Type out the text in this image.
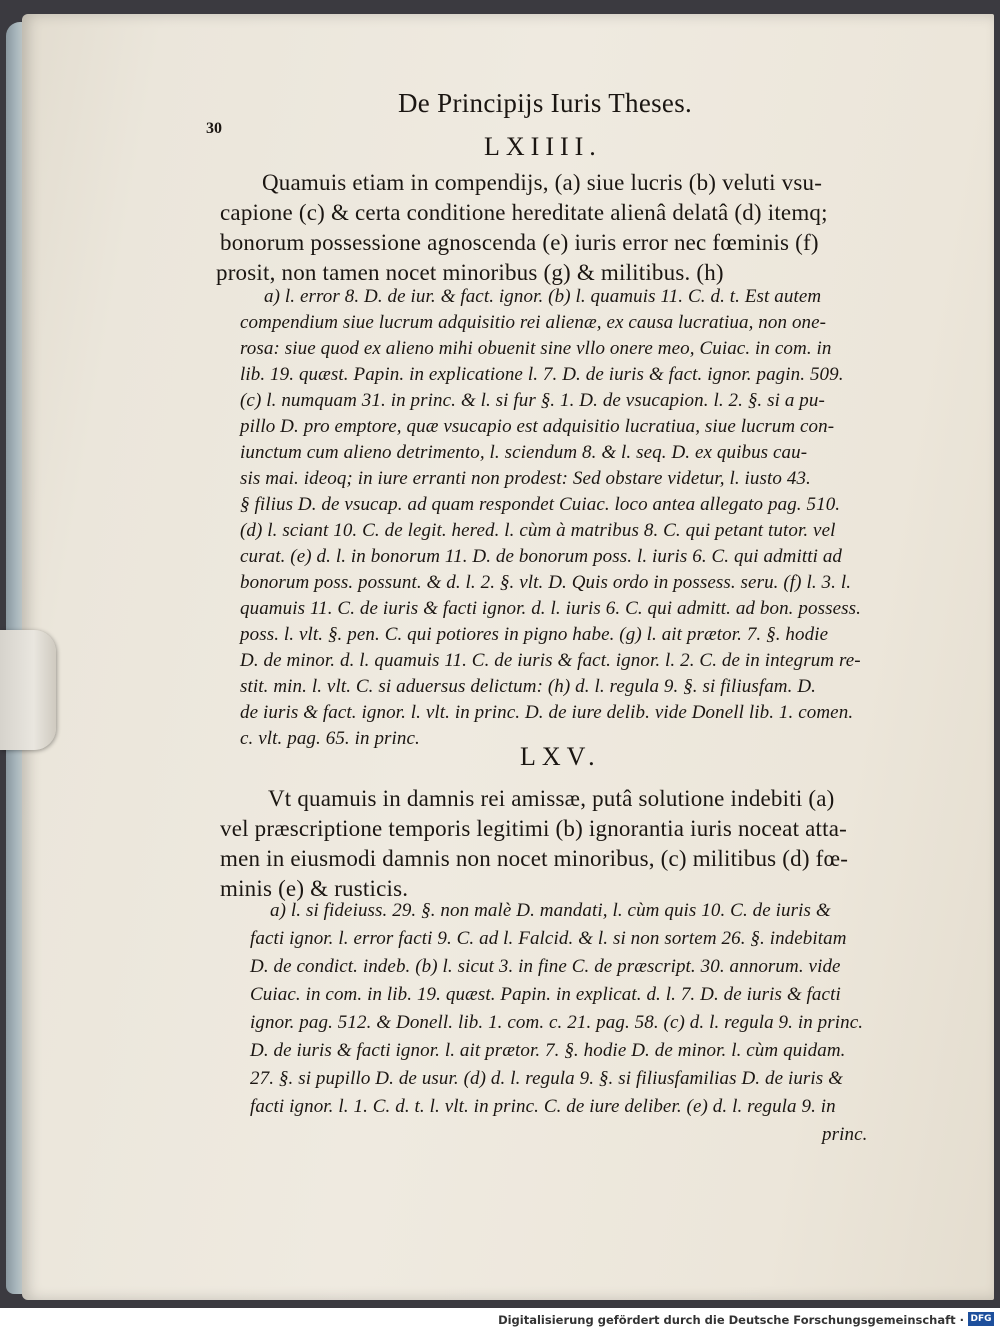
De Principijs Iuris Theses.
30
LXIIII.
Quamuis etiam in compendijs, (a) siue lucris (b) veluti vsu-
capione (c) & certa conditione hereditate alienâ delatâ (d) itemq;
bonorum possessione agnoscenda (e) iuris error nec fœminis (f)
prosit, non tamen nocet minoribus (g) & militibus. (h)
a) l. error 8. D. de iur. & fact. ignor. (b) l. quamuis 11. C. d. t. Est autem
compendium siue lucrum adquisitio rei alienæ, ex causa lucratiua, non one-
rosa: siue quod ex alieno mihi obuenit sine vllo onere meo, Cuiac. in com. in
lib. 19. quæst. Papin. in explicatione l. 7. D. de iuris & fact. ignor. pagin. 509.
(c) l. numquam 31. in princ. & l. si fur §. 1. D. de vsucapion. l. 2. §. si a pu-
pillo D. pro emptore, quæ vsucapio est adquisitio lucratiua, siue lucrum con-
iunctum cum alieno detrimento, l. sciendum 8. & l. seq. D. ex quibus cau-
sis mai. ideoq; in iure erranti non prodest: Sed obstare videtur, l. iusto 43.
§ filius D. de vsucap. ad quam respondet Cuiac. loco antea allegato pag. 510.
(d) l. sciant 10. C. de legit. hered. l. cùm à matribus 8. C. qui petant tutor. vel
curat. (e) d. l. in bonorum 11. D. de bonorum poss. l. iuris 6. C. qui admitti ad
bonorum poss. possunt. & d. l. 2. §. vlt. D. Quis ordo in possess. seru. (f) l. 3. l.
quamuis 11. C. de iuris & facti ignor. d. l. iuris 6. C. qui admitt. ad bon. possess.
poss. l. vlt. §. pen. C. qui potiores in pigno habe. (g) l. ait prætor. 7. §. hodie
D. de minor. d. l. quamuis 11. C. de iuris & fact. ignor. l. 2. C. de in integrum re-
stit. min. l. vlt. C. si aduersus delictum: (h) d. l. regula 9. §. si filiusfam. D.
de iuris & fact. ignor. l. vlt. in princ. D. de iure delib. vide Donell lib. 1. comen.
c. vlt. pag. 65. in princ.
LXV.
Vt quamuis in damnis rei amissæ, putâ solutione indebiti (a)
vel præscriptione temporis legitimi (b) ignorantia iuris noceat atta-
men in eiusmodi damnis non nocet minoribus, (c) militibus (d) fœ-
minis (e) & rusticis.
a) l. si fideiuss. 29. §. non malè D. mandati, l. cùm quis 10. C. de iuris &
facti ignor. l. error facti 9. C. ad l. Falcid. & l. si non sortem 26. §. indebitam
D. de condict. indeb. (b) l. sicut 3. in fine C. de præscript. 30. annorum. vide
Cuiac. in com. in lib. 19. quæst. Papin. in explicat. d. l. 7. D. de iuris & facti
ignor. pag. 512. & Donell. lib. 1. com. c. 21. pag. 58. (c) d. l. regula 9. in princ.
D. de iuris & facti ignor. l. ait prætor. 7. §. hodie D. de minor. l. cùm quidam.
27. §. si pupillo D. de usur. (d) d. l. regula 9. §. si filiusfamilias D. de iuris &
facti ignor. l. 1. C. d. t. l. vlt. in princ. C. de iure deliber. (e) d. l. regula 9. in
princ.
Digitalisierung gefördert durch die Deutsche Forschungsgemeinschaft · DFG
